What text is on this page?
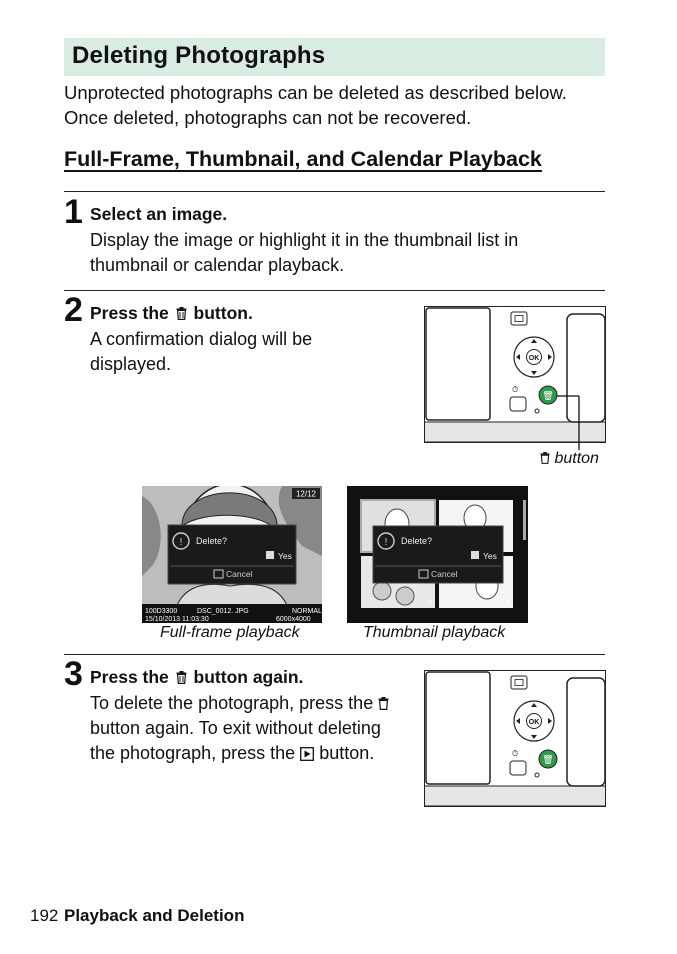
Deleting Photographs
Unprotected photographs can be deleted as described below.
Once deleted, photographs can not be recovered.
Full-Frame, Thumbnail, and Calendar Playback
1 Select an image.
Display the image or highlight it in the thumbnail list in
thumbnail or calendar playback.
2 Press the button.
A confirmation dialog will be
displayed.	OK
⏱
🗑
button
12/12
! Delete?
Yes
Cancel
100D3300	DSC_0012. JPG	NORMAL
15/10/2013 11:03:30	6000x4000
Full-frame playback
2
3	4
! Delete?
Yes
Cancel
Thumbnail playback
3 Press the button again.
To delete the photograph, press the
button again. To exit without deleting
the photograph, press the button.
OK
⏱
🗑
192 Playback and Deletion
